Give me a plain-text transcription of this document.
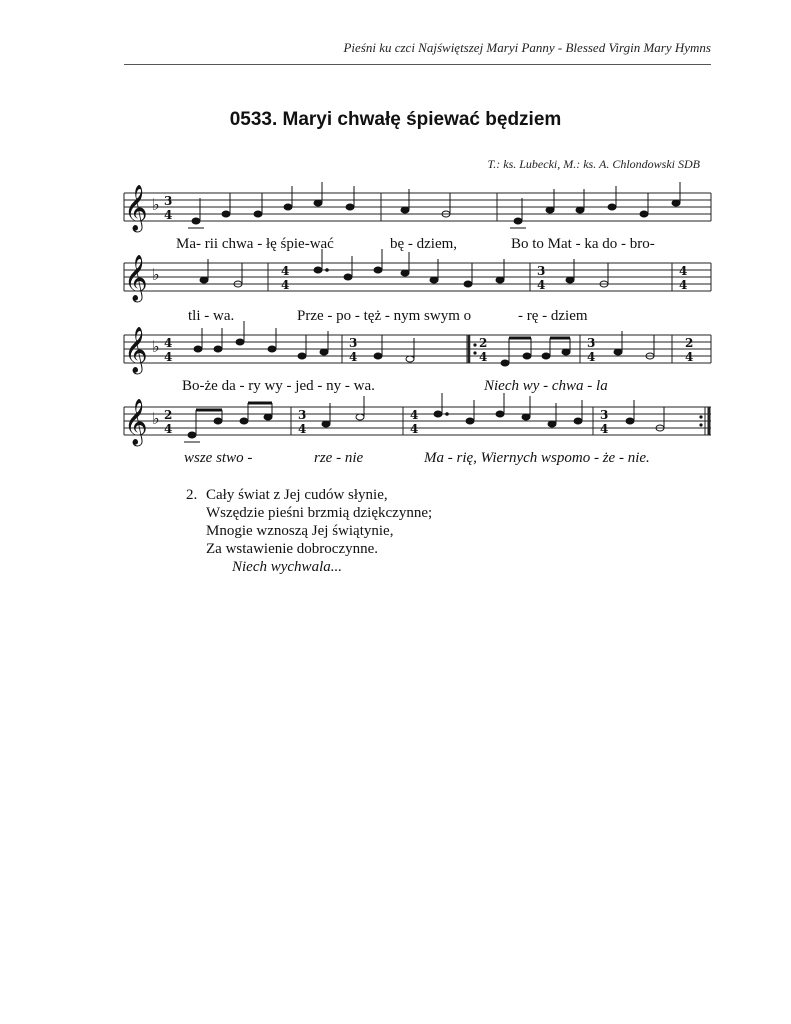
Pieśni ku czci Najświętszej Maryi Panny - Blessed Virgin Mary Hymns
0533. Maryi chwałę śpiewać będziem
T.: ks. Lubecki, M.: ks. A. Chlondowski SDB
𝄞 ♭
𝄞 ♭
𝄞 ♭
𝄞 ♭
3
4
4
4
3
4
4
4
4
4
3
4
2
4
3
4
2
4
2
4
3
4
4
4
3
4
Ma- rii chwa - łę śpie-wać	bę - dziem,	Bo to Mat - ka do - bro-
tli - wa.	Prze - po - tęż - nym swym o	- rę - dziem
Bo-że da - ry wy - jed - ny - wa.	Niech wy - chwa - la
wsze stwo -	rze - nie	Ma - rię, Wiernych wspomo - że - nie.
2. Cały świat z Jej cudów słynie,
Wszędzie pieśni brzmią dziękczynne;
Mnogie wznoszą Jej świątynie,
Za wstawienie dobroczynne.
Niech wychwala...
